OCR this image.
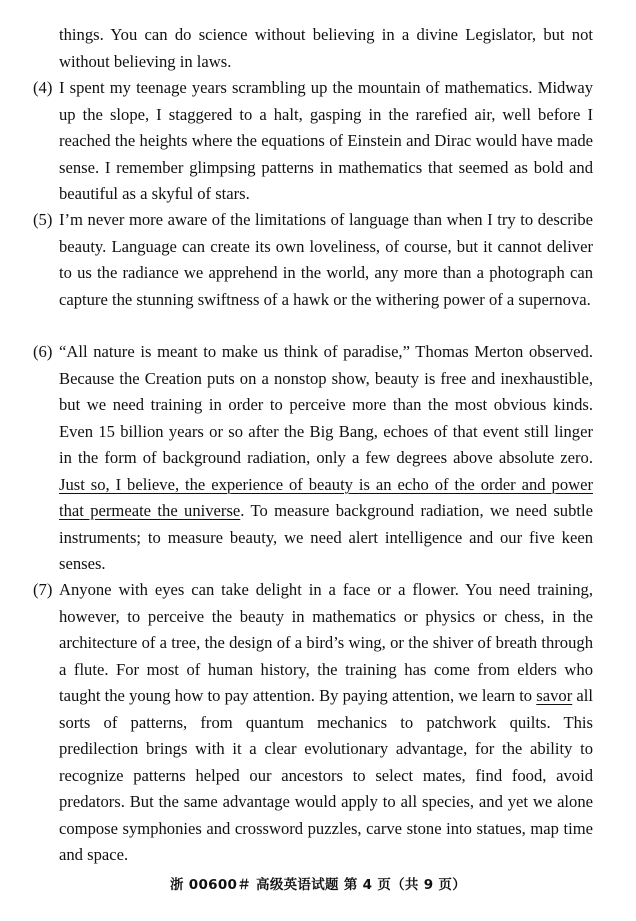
things. You can do science without believing in a divine Legislator, but not without believing in laws.
(4) I spent my teenage years scrambling up the mountain of mathematics. Midway up the slope, I staggered to a halt, gasping in the rarefied air, well before I reached the heights where the equations of Einstein and Dirac would have made sense. I remember glimpsing patterns in mathematics that seemed as bold and beautiful as a skyful of stars.
(5) I’m never more aware of the limitations of language than when I try to describe beauty. Language can create its own loveliness, of course, but it cannot deliver to us the radiance we apprehend in the world, any more than a photograph can capture the stunning swiftness of a hawk or the withering power of a supernova.
(6) “All nature is meant to make us think of paradise,” Thomas Merton observed. Because the Creation puts on a nonstop show, beauty is free and inexhaustible, but we need training in order to perceive more than the most obvious kinds. Even 15 billion years or so after the Big Bang, echoes of that event still linger in the form of background radiation, only a few degrees above absolute zero. Just so, I believe, the experience of beauty is an echo of the order and power that permeate the universe. To measure background radiation, we need subtle instruments; to measure beauty, we need alert intelligence and our five keen senses.
(7) Anyone with eyes can take delight in a face or a flower. You need training, however, to perceive the beauty in mathematics or physics or chess, in the architecture of a tree, the design of a bird’s wing, or the shiver of breath through a flute. For most of human history, the training has come from elders who taught the young how to pay attention. By paying attention, we learn to savor all sorts of patterns, from quantum mechanics to patchwork quilts. This predilection brings with it a clear evolutionary advantage, for the ability to recognize patterns helped our ancestors to select mates, find food, avoid predators. But the same advantage would apply to all species, and yet we alone compose symphonies and crossword puzzles, carve stone into statues, map time and space.
浙 00600＃ 高级英语试题 第 4 页（共 9 页）
